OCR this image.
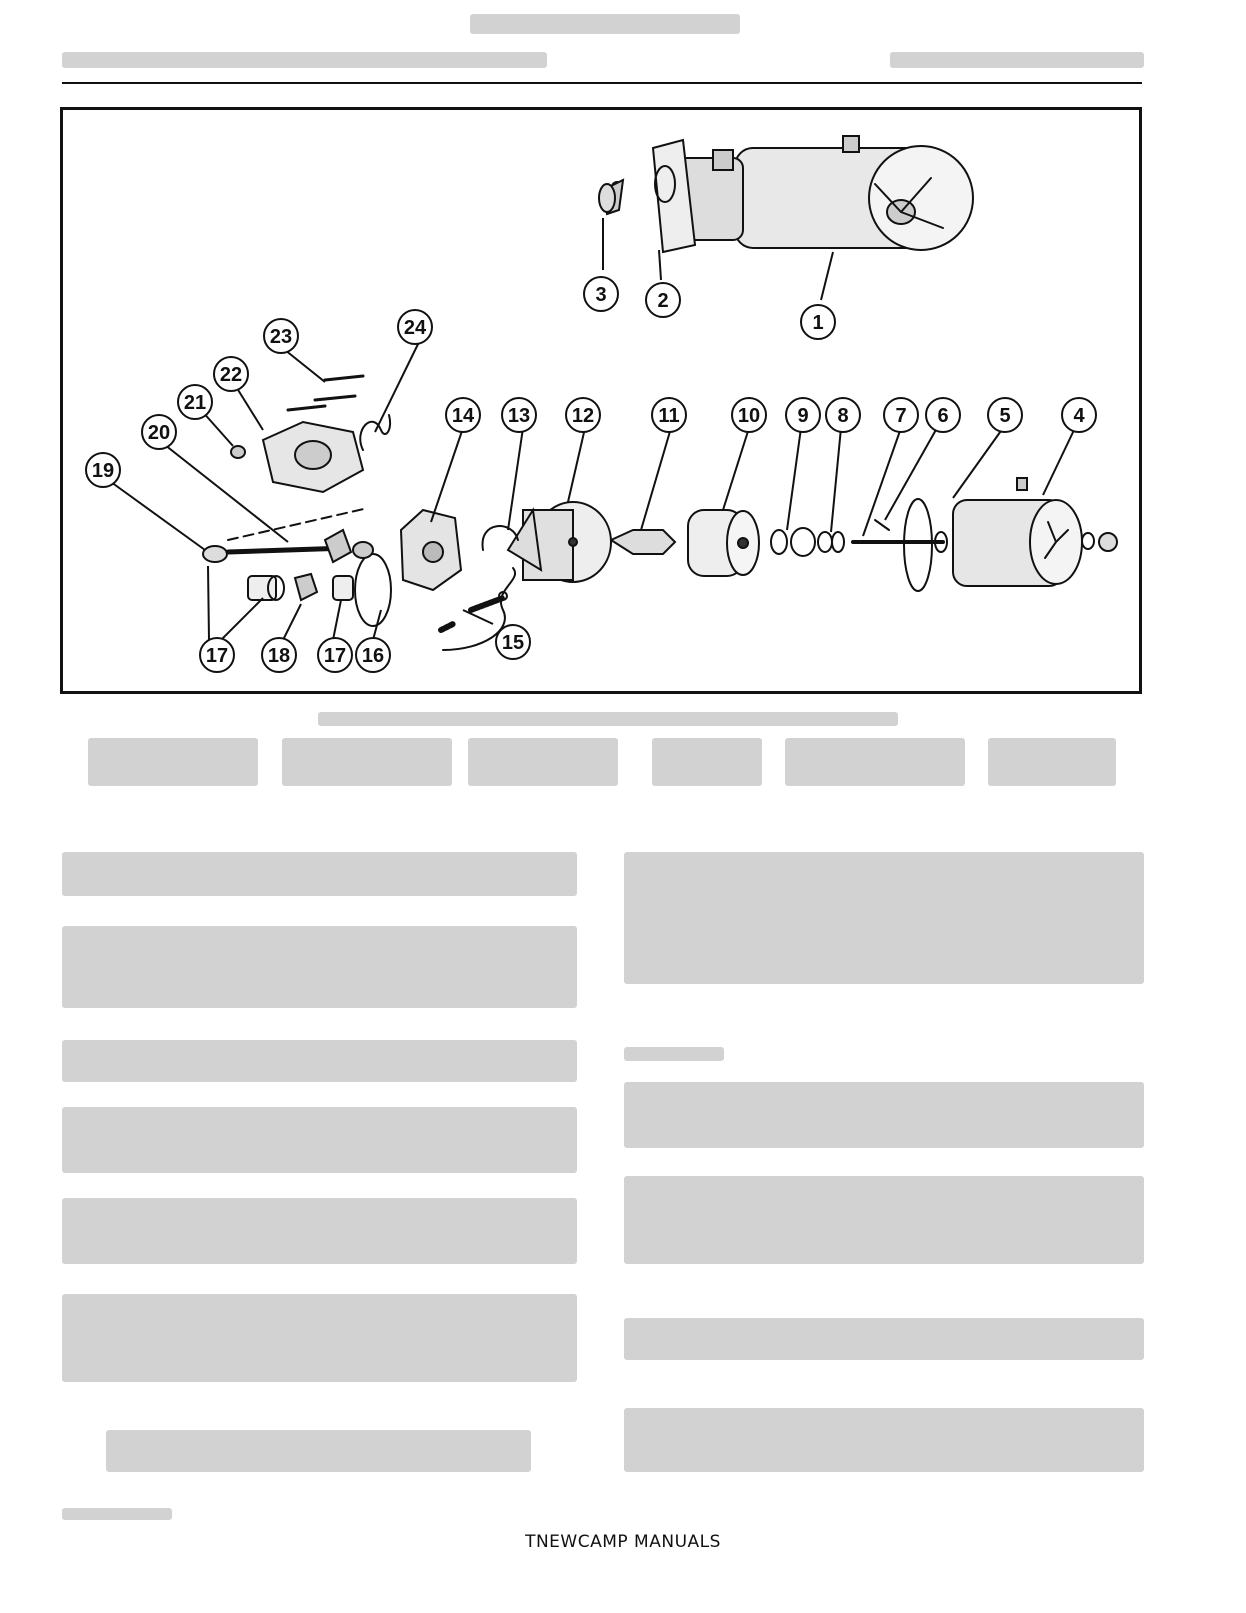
1
2
3
4
5
6
7
8
9
10
11
12
13
14
15
16
17
17 18
19
20
21
22
23	24
TNEWCAMP MANUALS
